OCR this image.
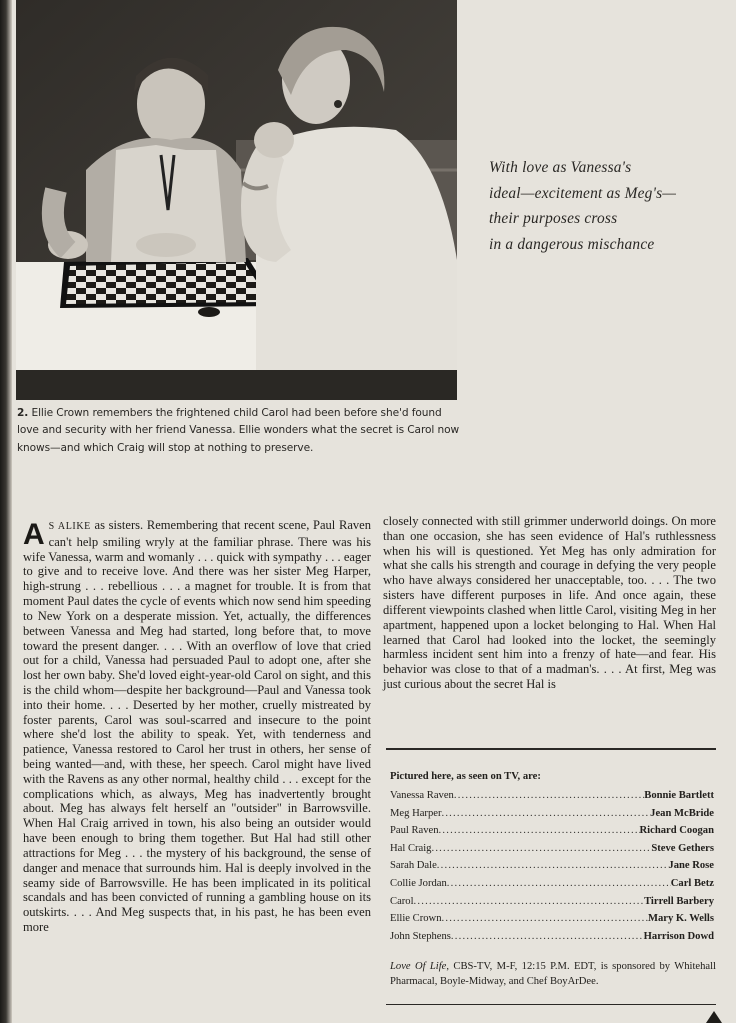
2. Ellie Crown remembers the frightened child Carol had been before she'd found love and security with her friend Vanessa. Ellie wonders what the secret is Carol now knows—and which Craig will stop at nothing to preserve.

With love as Vanessa's
ideal—excitement as Meg's—
their purposes cross
in a dangerous mischance

A S ALIKE as sisters. Remembering that recent scene, Paul Raven can't help smiling wryly at the familiar phrase. There was his wife Vanessa, warm and womanly . . . quick with sympathy . . . eager to give and to receive love. And there was her sister Meg Harper, high-strung . . . rebellious . . . a magnet for trouble. It is from that moment Paul dates the cycle of events which now send him speeding to New York on a desperate mission. Yet, actually, the differences between Vanessa and Meg had started, long before that, to move toward the present danger. . . . With an overflow of love that cried out for a child, Vanessa had persuaded Paul to adopt one, after she lost her own baby. She'd loved eight-year-old Carol on sight, and this is the child whom—despite her background—Paul and Vanessa took into their home. . . . Deserted by her mother, cruelly mistreated by foster parents, Carol was soul-scarred and insecure to the point where she'd lost the ability to speak. Yet, with tenderness and patience, Vanessa restored to Carol her trust in others, her sense of being wanted—and, with these, her speech. Carol might have lived with the Ravens as any other normal, healthy child . . . except for the complications which, as always, Meg has inadvertently brought about. Meg has always felt herself an "outsider" in Barrowsville. When Hal Craig arrived in town, his also being an outsider would have been enough to bring them together. But Hal had still other attractions for Meg . . . the mystery of his background, the sense of danger and menace that surrounds him. Hal is deeply involved in the seamy side of Barrowsville. He has been implicated in its political scandals and has been convicted of running a gambling house on its outskirts. . . . And Meg suspects that, in his past, he has been even more

closely connected with still grimmer underworld doings. On more than one occasion, she has seen evidence of Hal's ruthlessness when his will is questioned. Yet Meg has only admiration for what she calls his strength and courage in defying the very people who have always considered her unacceptable, too. . . . The two sisters have different purposes in life. And once again, these different viewpoints clashed when little Carol, visiting Meg in her apartment, happened upon a locket belonging to Hal. When Hal learned that Carol had looked into the locket, the seemingly harmless incident sent him into a frenzy of hate—and fear. His behavior was close to that of a madman's. . . . At first, Meg was just curious about the secret Hal is

Pictured here, as seen on TV, are:
Vanessa Raven .....	Bonnie Bartlett
Meg Harper .....	Jean McBride
Paul Raven .....	Richard Coogan
Hal Craig .....	Steve Gethers
Sarah Dale .....	Jane Rose
Collie Jordan .....	Carl Betz
Carol .....	Tirrell Barbery
Ellie Crown .....	Mary K. Wells
John Stephens .....	Harrison Dowd

Love Of Life, CBS-TV, M-F, 12:15 P.M. EDT, is sponsored by Whitehall Pharmacal, Boyle-Midway, and Chef BoyArDee.
